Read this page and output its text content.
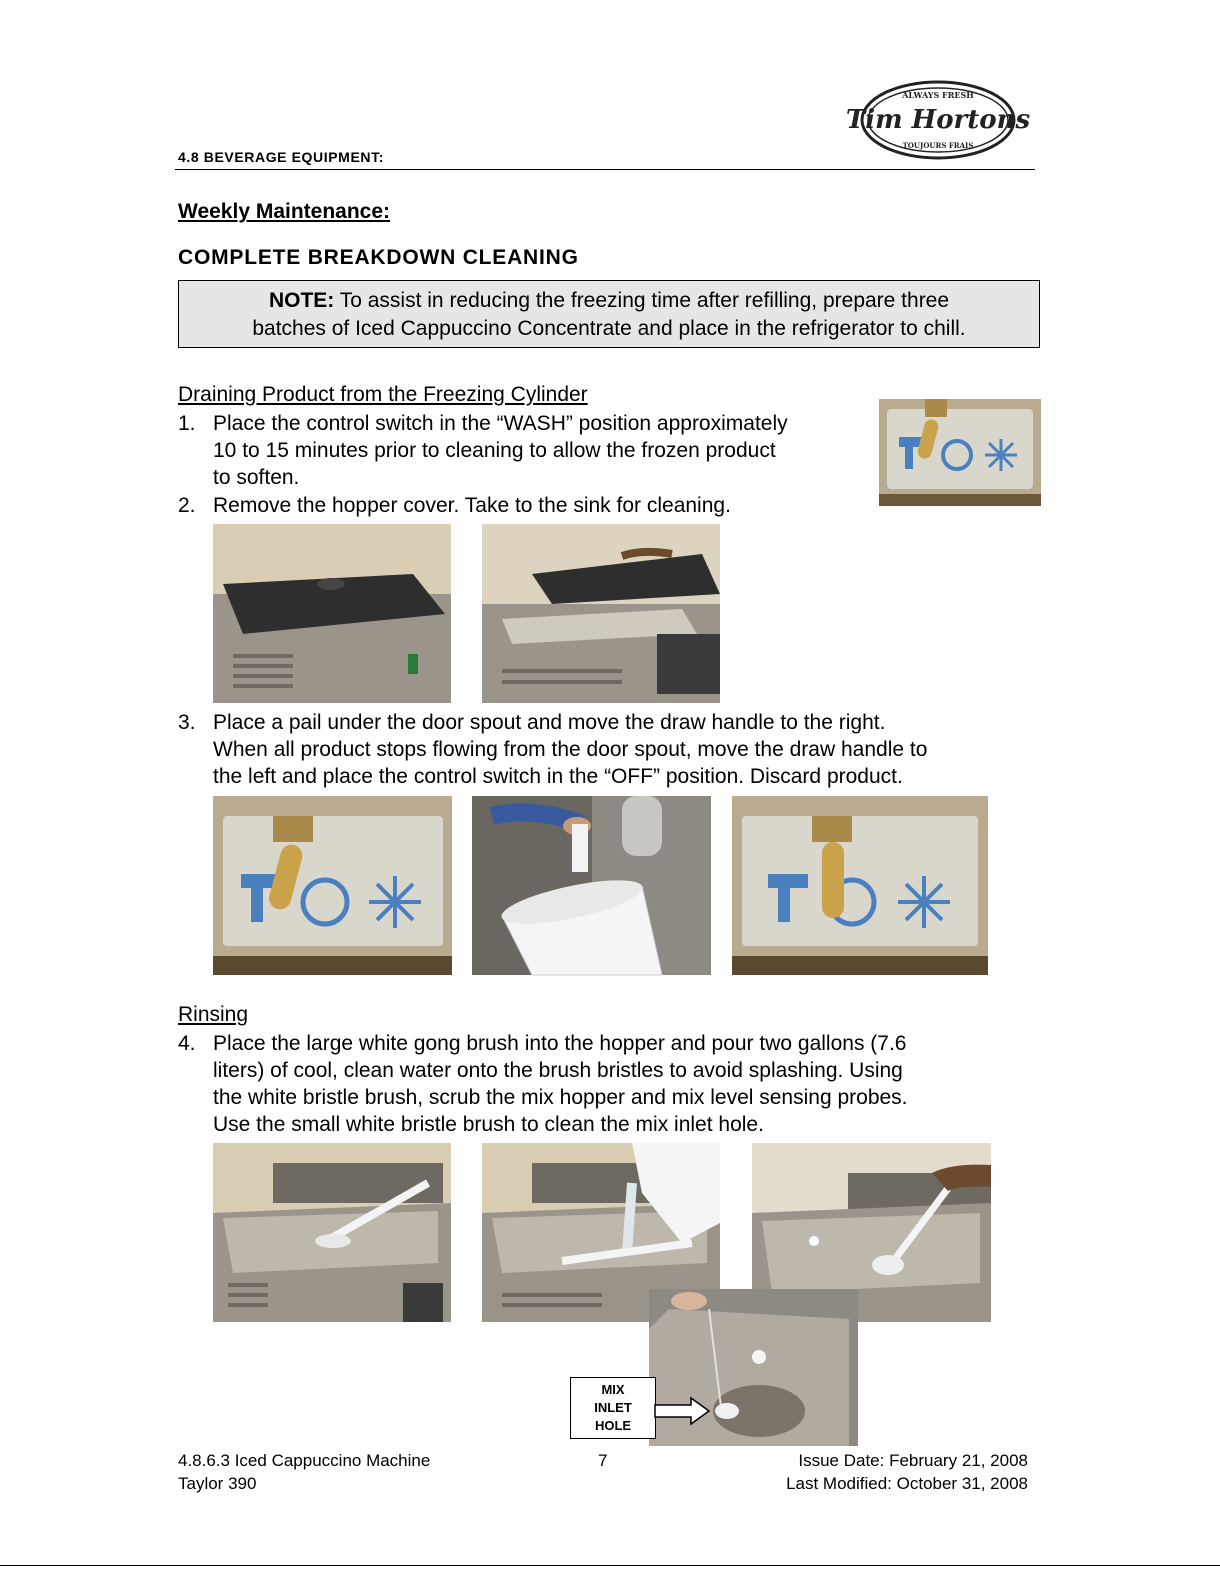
4.8 BEVERAGE EQUIPMENT:
ALWAYS FRESH
Tim Hortons
TOUJOURS FRAIS
Weekly Maintenance:
COMPLETE BREAKDOWN CLEANING
NOTE: To assist in reducing the freezing time after refilling, prepare three
batches of Iced Cappuccino Concentrate and place in the refrigerator to chill.
Draining Product from the Freezing Cylinder
1. Place the control switch in the “WASH” position approximately
10 to 15 minutes prior to cleaning to allow the frozen product
to soften.
2. Remove the hopper cover. Take to the sink for cleaning.
3. Place a pail under the door spout and move the draw handle to the right.
When all product stops flowing from the door spout, move the draw handle to
the left and place the control switch in the “OFF” position. Discard product.
Rinsing
4. Place the large white gong brush into the hopper and pour two gallons (7.6
liters) of cool, clean water onto the brush bristles to avoid splashing. Using
the white bristle brush, scrub the mix hopper and mix level sensing probes.
Use the small white bristle brush to clean the mix inlet hole.
MIX
INLET
HOLE
4.8.6.3 Iced Cappuccino Machine
Taylor 390
7	Issue Date: February 21, 2008
Last Modified: October 31, 2008
